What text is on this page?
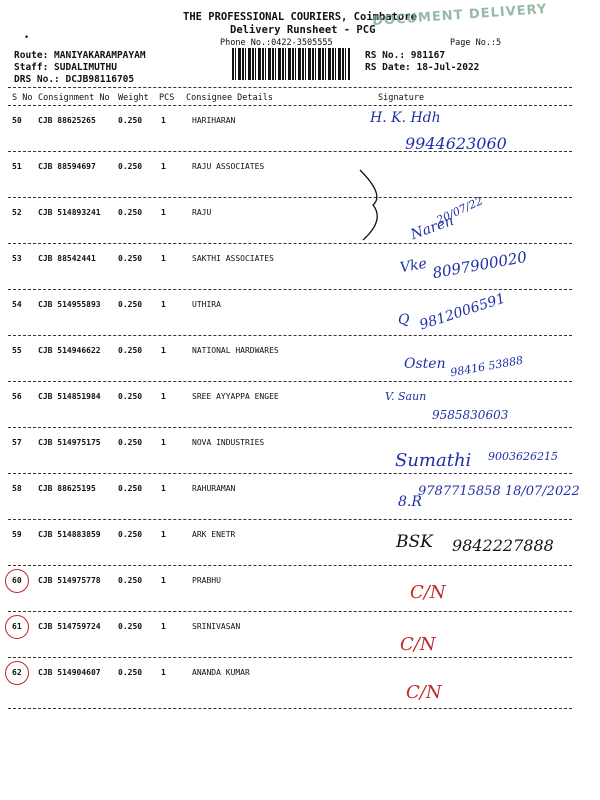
THE PROFESSIONAL COURIERS, Coimbatore
Delivery Runsheet - PCG
Phone No.:0422-3505555	Page No.:5
DOCUMENT DELIVERY
•
Route: MANIYAKARAMPAYAM
Staff: SUDALIMUTHU
DRS No.: DCJB98116705
RS No.: 981167
RS Date: 18-Jul-2022
S No Consignment No Weight PCS Consignee Details	Signature
50 CJB 88625265	0.250 1	HARIHARAN	H. K. Hdh
9944623060
51 CJB 88594697	0.250 1	RAJU ASSOCIATES
52 CJB 514893241 0.250 1	RAJU
Naren
20/07/22
53 CJB 88542441	0.250 1	SAKTHI ASSOCIATES	Vke 8097900020
54 CJB 514955893 0.250 1	UTHIRA
Q 9812006591
55 CJB 514946622 0.250 1	NATIONAL HARDWARES
Osten 98416 53888
56 CJB 514851984 0.250 1	SREE AYYAPPA ENGEE	V. Saun
9585830603
57 CJB 514975175 0.250 1	NOVA INDUSTRIES
Sumathi 9003626215
58 CJB 88625195	0.250 1	RAHURAMAN
8.R
9787715858 18/07/2022
59 CJB 514883859 0.250 1	ARK ENETR	BSK 9842227888
60 CJB 514975778 0.250 1	PRABHU
C/N
61 CJB 514759724 0.250 1	SRINIVASAN
C/N
62 CJB 514904607 0.250 1	ANANDA KUMAR
C/N
